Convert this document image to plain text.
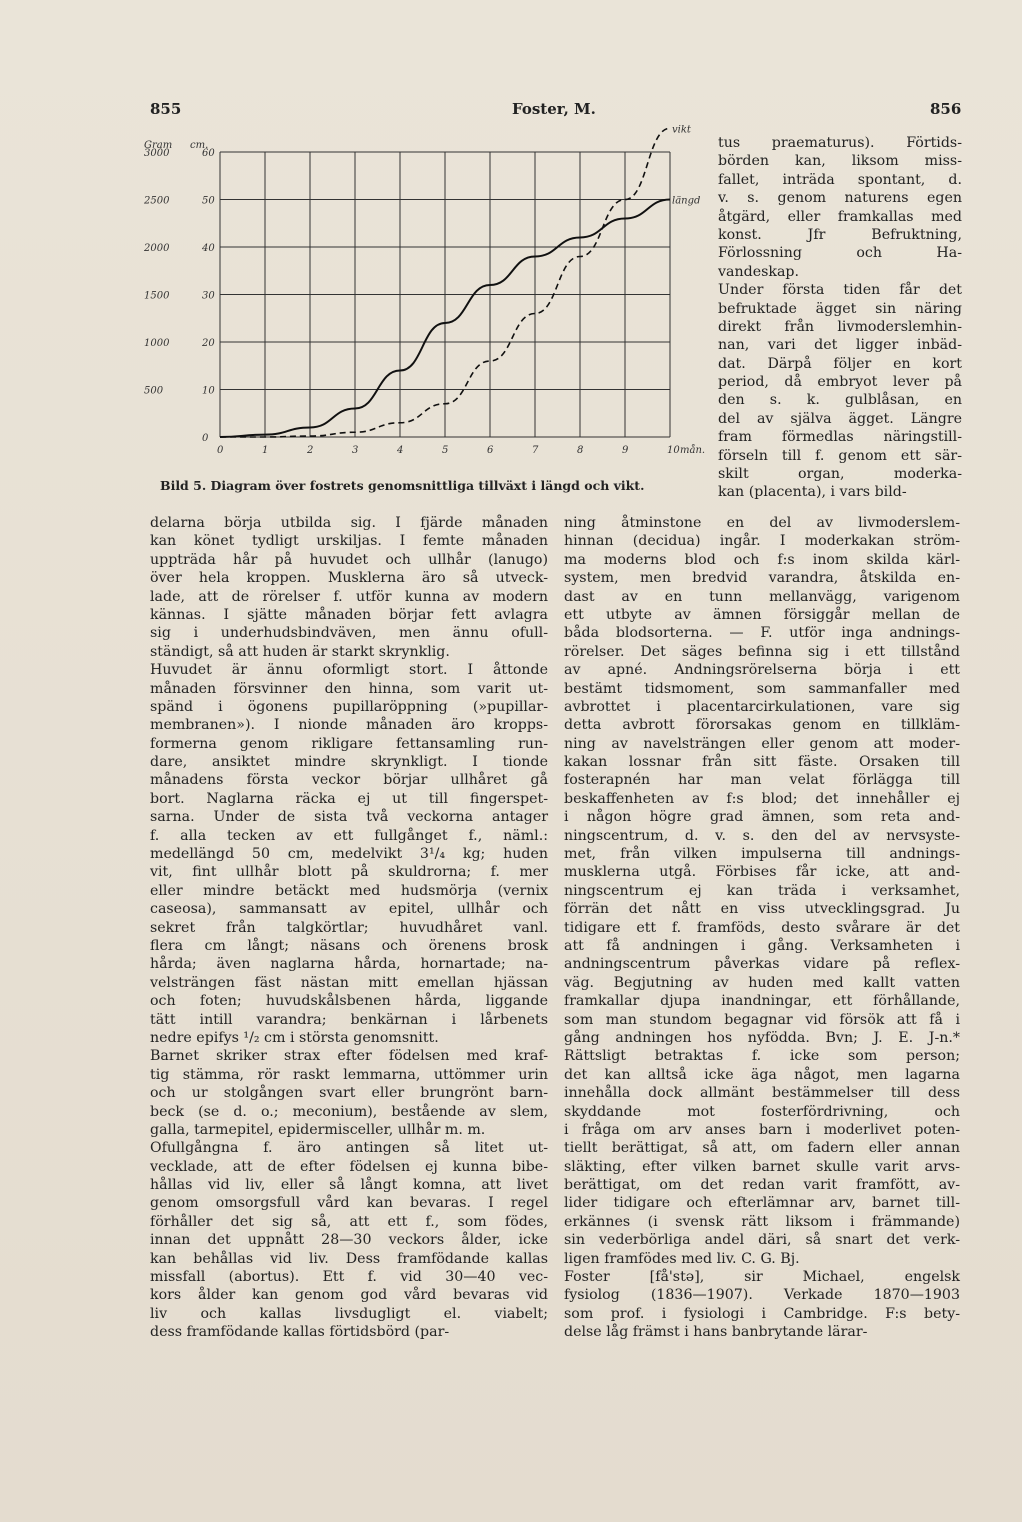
855	Foster, M.	856
Gram cm.
3000
2500
2000
1500
1000
500
60
50
40
30
20
10
0
0	1	2	3	4	5	6	7	8	9	10 mån.
längd
vikt
Bild 5. Diagram över fostrets genomsnittliga tillväxt i längd och vikt.
tus praematurus). Förtids-
börden kan, liksom miss-
fallet, inträda spontant, d.
v. s. genom naturens egen
åtgärd, eller framkallas med
konst. Jfr Befruktning,
Förlossning och Ha-
vandeskap.
Under första tiden får det
befruktade ägget sin näring
direkt från livmoderslemhin-
nan, vari det ligger inbäd-
dat. Därpå följer en kort
period, då embryot lever på
den s. k. gulblåsan, en
del av själva ägget. Längre
fram förmedlas näringstill-
förseln till f. genom ett sär-
skilt organ, moderka-
kan (placenta), i vars bild-
delarna börja utbilda sig. I fjärde månaden
kan könet tydligt urskiljas. I femte månaden
uppträda hår på huvudet och ullhår (lanugo)
över hela kroppen. Musklerna äro så utveck-
lade, att de rörelser f. utför kunna av modern
kännas. I sjätte månaden börjar fett avlagra
sig i underhudsbindväven, men ännu ofull-
ständigt, så att huden är starkt skrynklig.
Huvudet är ännu oformligt stort. I åttonde
månaden försvinner den hinna, som varit ut-
spänd i ögonens pupillaröppning (»pupillar-
membranen»). I nionde månaden äro kropps-
formerna genom rikligare fettansamling run-
dare, ansiktet mindre skrynkligt. I tionde
månadens första veckor börjar ullhåret gå
bort. Naglarna räcka ej ut till fingerspet-
sarna. Under de sista två veckorna antager
f. alla tecken av ett fullgånget f., näml.:
medellängd 50 cm, medelvikt 3¹/₄ kg; huden
vit, fint ullhår blott på skuldrorna; f. mer
eller mindre betäckt med hudsmörja (vernix
caseosa), sammansatt av epitel, ullhår och
sekret från talgkörtlar; huvudhåret vanl.
flera cm långt; näsans och örenens brosk
hårda; även naglarna hårda, hornartade; na-
velsträngen fäst nästan mitt emellan hjässan
och foten; huvudskålsbenen hårda, liggande
tätt intill varandra; benkärnan i lårbenets
nedre epifys ¹/₂ cm i största genomsnitt.
Barnet skriker strax efter födelsen med kraf-
tig stämma, rör raskt lemmarna, uttömmer urin
och ur stolgången svart eller brungrönt barn-
beck (se d. o.; meconium), bestående av slem,
galla, tarmepitel, epidermisceller, ullhår m. m.
Ofullgångna f. äro antingen så litet ut-
vecklade, att de efter födelsen ej kunna bibe-
hållas vid liv, eller så långt komna, att livet
genom omsorgsfull vård kan bevaras. I regel
förhåller det sig så, att ett f., som födes,
innan det uppnått 28—30 veckors ålder, icke
kan behållas vid liv. Dess framfödande kallas
missfall (abortus). Ett f. vid 30—40 vec-
kors ålder kan genom god vård bevaras vid
liv och kallas livsdugligt el. viabelt;
dess framfödande kallas förtidsbörd (par-
ning åtminstone en del av livmoderslem-
hinnan (decidua) ingår. I moderkakan ström-
ma moderns blod och f:s inom skilda kärl-
system, men bredvid varandra, åtskilda en-
dast av en tunn mellanvägg, varigenom
ett utbyte av ämnen försiggår mellan de
båda blodsorterna. — F. utför inga andnings-
rörelser. Det säges befinna sig i ett tillstånd
av apné. Andningsrörelserna börja i ett
bestämt tidsmoment, som sammanfaller med
avbrottet i placentarcirkulationen, vare sig
detta avbrott förorsakas genom en tillkläm-
ning av navelsträngen eller genom att moder-
kakan lossnar från sitt fäste. Orsaken till
fosterapnén har man velat förlägga till
beskaffenheten av f:s blod; det innehåller ej
i någon högre grad ämnen, som reta and-
ningscentrum, d. v. s. den del av nervsyste-
met, från vilken impulserna till andnings-
musklerna utgå. Förbises får icke, att and-
ningscentrum ej kan träda i verksamhet,
förrän det nått en viss utvecklingsgrad. Ju
tidigare ett f. framföds, desto svårare är det
att få andningen i gång. Verksamheten i
andningscentrum påverkas vidare på reflex-
väg. Begjutning av huden med kallt vatten
framkallar djupa inandningar, ett förhållande,
som man stundom begagnar vid försök att få i
gång andningen hos nyfödda. Bvn; J. E. J-n.*
Rättsligt betraktas f. icke som person;
det kan alltså icke äga något, men lagarna
innehålla dock allmänt bestämmelser till dess
skyddande mot fosterfördrivning, och
i fråga om arv anses barn i moderlivet poten-
tiellt berättigat, så att, om fadern eller annan
släkting, efter vilken barnet skulle varit arvs-
berättigat, om det redan varit framfött, av-
lider tidigare och efterlämnar arv, barnet till-
erkännes (i svensk rätt liksom i främmande)
sin vederbörliga andel däri, så snart det verk-
ligen framfödes med liv. C. G. Bj.
Foster [få'stə], sir Michael, engelsk
fysiolog (1836—1907). Verkade 1870—1903
som prof. i fysiologi i Cambridge. F:s bety-
delse låg främst i hans banbrytande lärar-
